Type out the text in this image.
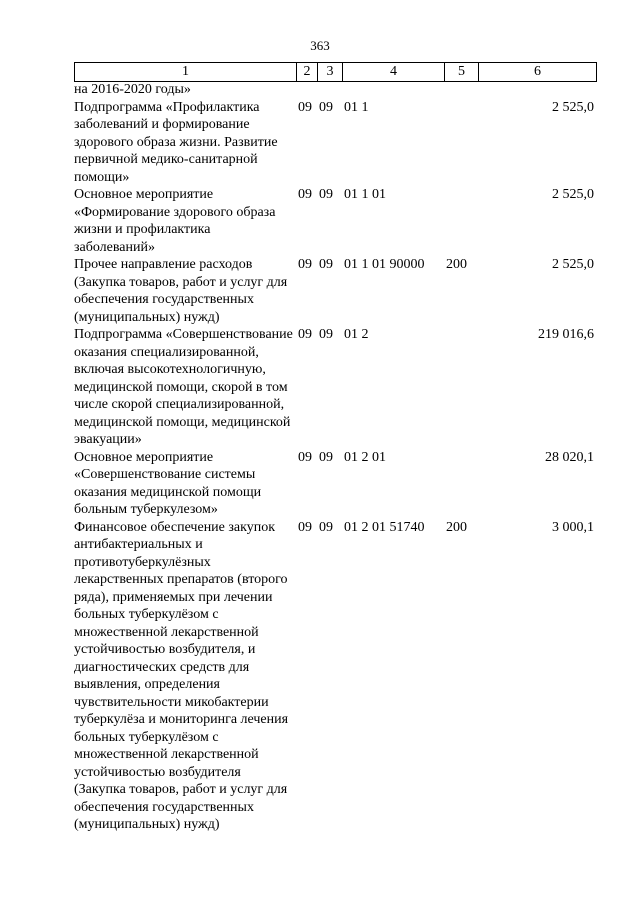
363
1	2	3	4	5	6
на 2016-2020 годы»					
Подпрограмма «Профилактика заболеваний и формирование здорового образа жизни. Развитие первичной медико-санитарной помощи»	09	09	01 1		2 525,0
Основное мероприятие «Формирование здорового образа жизни и профилактика заболеваний»	09	09	01 1 01		2 525,0
Прочее направление расходов (Закупка товаров, работ и услуг для обеспечения государственных (муниципальных) нужд)	09	09	01 1 01 90000	200	2 525,0
Подпрограмма «Совершенствование оказания специализированной, включая высокотехнологичную, медицинской помощи, скорой в том числе скорой специализированной, медицинской помощи, медицинской эвакуации»	09	09	01 2		219 016,6
Основное мероприятие «Совершенствование системы оказания медицинской помощи больным туберкулезом»	09	09	01 2 01		28 020,1
Финансовое обеспечение закупок антибактериальных и противотуберкулёзных лекарственных препаратов (второго ряда), применяемых при лечении больных туберкулёзом с множественной лекарственной устойчивостью возбудителя, и диагностических средств для выявления, определения чувствительности микобактерии туберкулёза и мониторинга лечения больных туберкулёзом с множественной лекарственной устойчивостью возбудителя (Закупка товаров, работ и услуг для обеспечения государственных (муниципальных) нужд)	09	09	01 2 01 51740	200	3 000,1
